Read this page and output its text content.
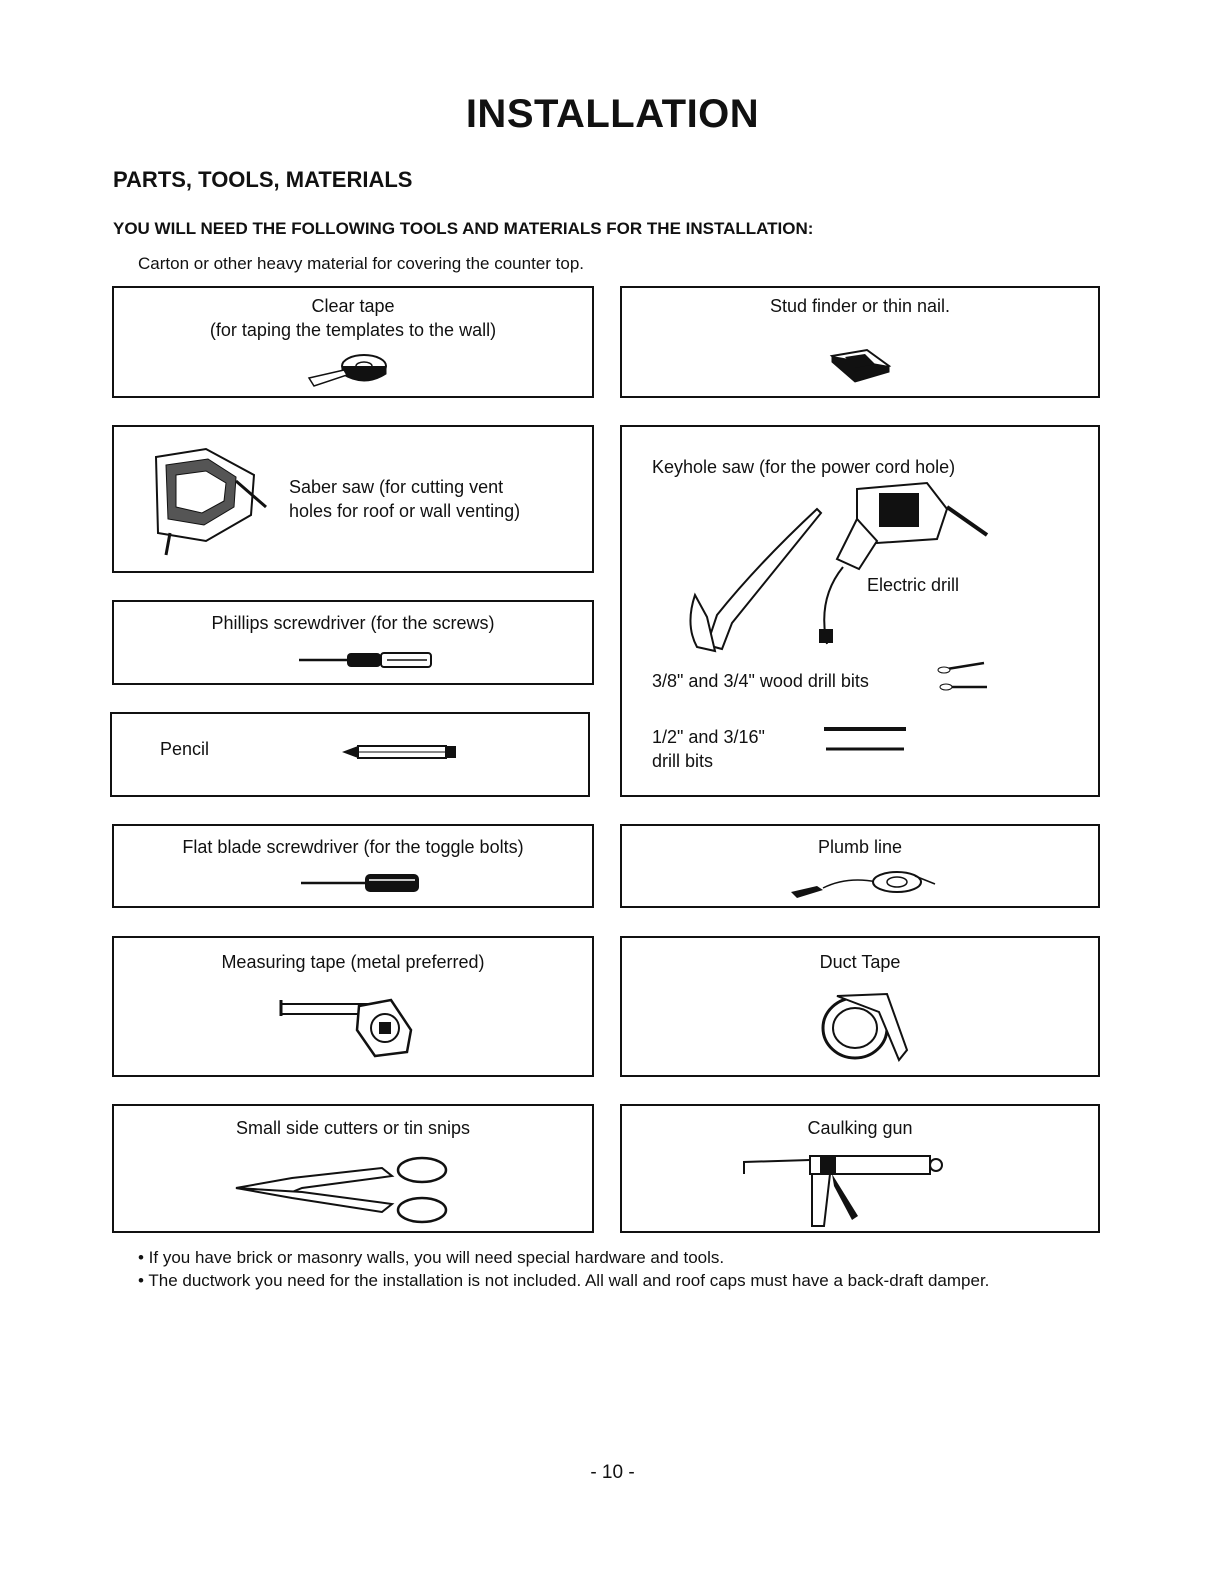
INSTALLATION
PARTS, TOOLS, MATERIALS
YOU WILL NEED THE FOLLOWING TOOLS AND MATERIALS FOR THE INSTALLATION:
Carton or other heavy material for covering the counter top.
Clear tape
(for taping the templates to the wall)
Stud finder or thin nail.
Saber saw (for cutting vent
holes for roof or wall venting)
Keyhole saw (for the power cord hole)
Electric drill
3/8" and 3/4" wood drill bits
1/2" and 3/16"
drill bits
Phillips screwdriver (for the screws)
Pencil
Flat blade screwdriver (for the toggle bolts)	Plumb line
Measuring tape (metal preferred)	Duct Tape
Small side cutters or tin snips	Caulking gun
• If you have brick or masonry walls, you will need special hardware and tools.
• The ductwork you need for the installation is not included. All wall and roof caps must have a back-draft damper.
- 10 -
